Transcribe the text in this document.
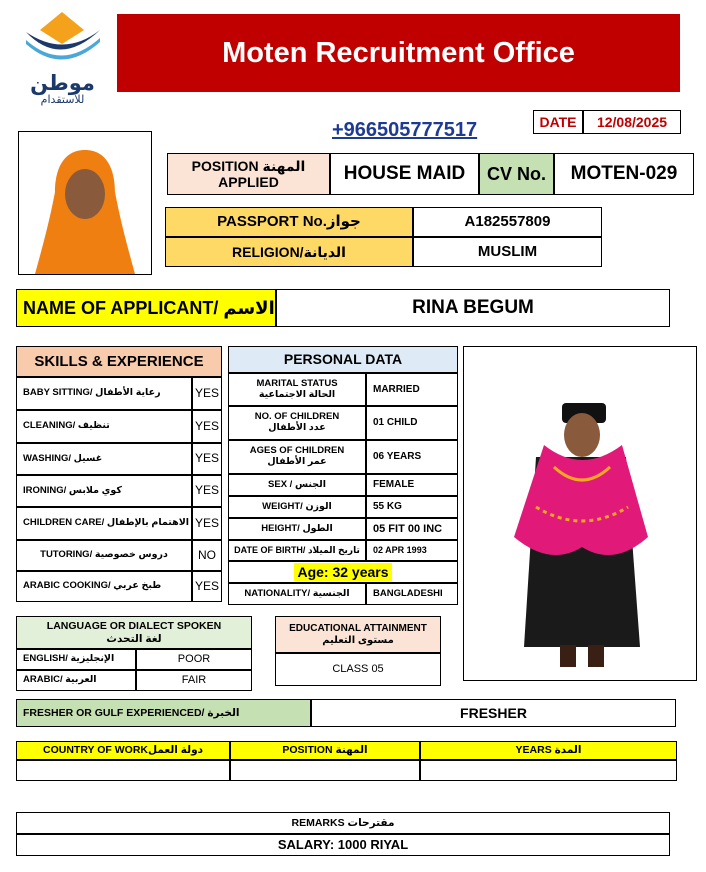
موطن
للاستقدام
Moten Recruitment Office
+966505777517	DATE	12/08/2025
POSITION المهنة
APPLIED	HOUSE MAID	CV No.	MOTEN-029
PASSPORT No.جواز	A182557809
RELIGION/الديانة	MUSLIM
NAME OF APPLICANT/ الاسم	RINA BEGUM
SKILLS & EXPERIENCE
BABY SITTING/ رعاية الأطفال	YES
CLEANING/ تنظيف	YES
WASHING/ غسيل	YES
IRONING/ كوي ملابس	YES
CHILDREN CARE/ الاهتمام بالإطفال YES
TUTORING/ دروس خصوصية	NO
ARABIC COOKING/ طبخ عربي	YES
PERSONAL DATA
MARITAL STATUS
الحالة الاجتماعية	MARRIED
NO. OF CHILDREN
عدد الأطفال	01 CHILD
AGES OF CHILDREN
عمر الأطفال	06 YEARS
SEX / الجنس	FEMALE
WEIGHT/ الوزن	55 KG
HEIGHT/ الطول	05 FIT 00 INC
DATE OF BIRTH/ تاريخ الميلاد	02 APR 1993
Age: 32 years
NATIONALITY/ الجنسية	BANGLADESHI
LANGUAGE OR DIALECT SPOKEN
لغة التحدث
ENGLISH/ الإنجليزية	POOR
ARABIC/ العربية	FAIR
EDUCATIONAL ATTAINMENT
مستوى التعليم
CLASS 05
FRESHER OR GULF EXPERIENCED/ الخبرة	FRESHER
COUNTRY OF WORKدولة العمل	POSITION المهنة	YEARS المدة
REMARKS مقترحات
SALARY: 1000 RIYAL
